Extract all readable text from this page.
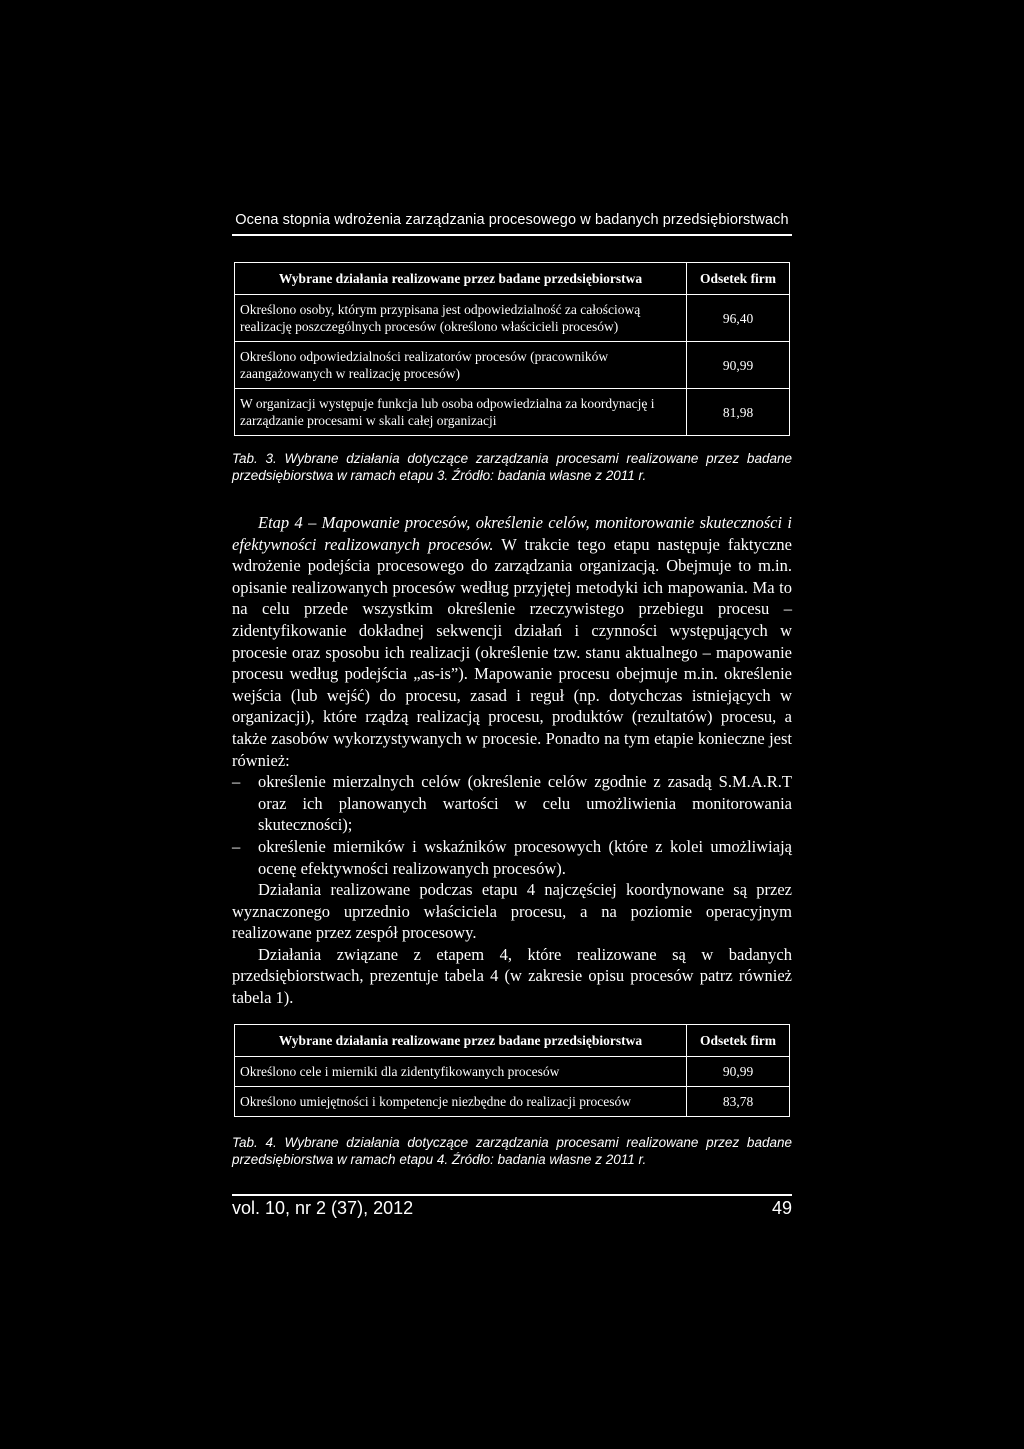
Ocena stopnia wdrożenia zarządzania procesowego w badanych przedsiębiorstwach
Wybrane działania realizowane przez badane przedsiębiorstwa	Odsetek firm
Określono osoby, którym przypisana jest odpowiedzialność za całościową realizację poszczególnych procesów (określono właścicieli procesów)	96,40
Określono odpowiedzialności realizatorów procesów (pracowników zaangażowanych w realizację procesów)	90,99
W organizacji występuje funkcja lub osoba odpowiedzialna za koordynację i zarządzanie procesami w skali całej organizacji	81,98
Tab. 3. Wybrane działania dotyczące zarządzania procesami realizowane przez badane przedsiębiorstwa w ramach etapu 3. Źródło: badania własne z 2011 r.

Etap 4 – Mapowanie procesów, określenie celów, monitorowanie skuteczności i efektywności realizowanych procesów. W trakcie tego etapu następuje faktyczne wdrożenie podejścia procesowego do zarządzania organizacją. Obejmuje to m.in. opisanie realizowanych procesów według przyjętej metodyki ich mapowania. Ma to na celu przede wszystkim określenie rzeczywistego przebiegu procesu – zidentyfikowanie dokładnej sekwencji działań i czynności występujących w procesie oraz sposobu ich realizacji (określenie tzw. stanu aktualnego – mapowanie procesu według podejścia „as-is”). Mapowanie procesu obejmuje m.in. określenie wejścia (lub wejść) do procesu, zasad i reguł (np. dotychczas istniejących w organizacji), które rządzą realizacją procesu, produktów (rezultatów) procesu, a także zasobów wykorzystywanych w procesie. Ponadto na tym etapie konieczne jest również:

–	określenie mierzalnych celów (określenie celów zgodnie z zasadą S.M.A.R.T oraz ich planowanych wartości w celu umożliwienia monitorowania skuteczności);
–	określenie mierników i wskaźników procesowych (które z kolei umożliwiają ocenę efektywności realizowanych procesów).

Działania realizowane podczas etapu 4 najczęściej koordynowane są przez wyznaczonego uprzednio właściciela procesu, a na poziomie operacyjnym realizowane przez zespół procesowy.

Działania związane z etapem 4, które realizowane są w badanych przedsiębiorstwach, prezentuje tabela 4 (w zakresie opisu procesów patrz również tabela 1).

Wybrane działania realizowane przez badane przedsiębiorstwa	Odsetek firm
Określono cele i mierniki dla zidentyfikowanych procesów	90,99
Określono umiejętności i kompetencje niezbędne do realizacji procesów	83,78
Tab. 4. Wybrane działania dotyczące zarządzania procesami realizowane przez badane przedsiębiorstwa w ramach etapu 4. Źródło: badania własne z 2011 r.
vol. 10, nr 2 (37), 2012	49
